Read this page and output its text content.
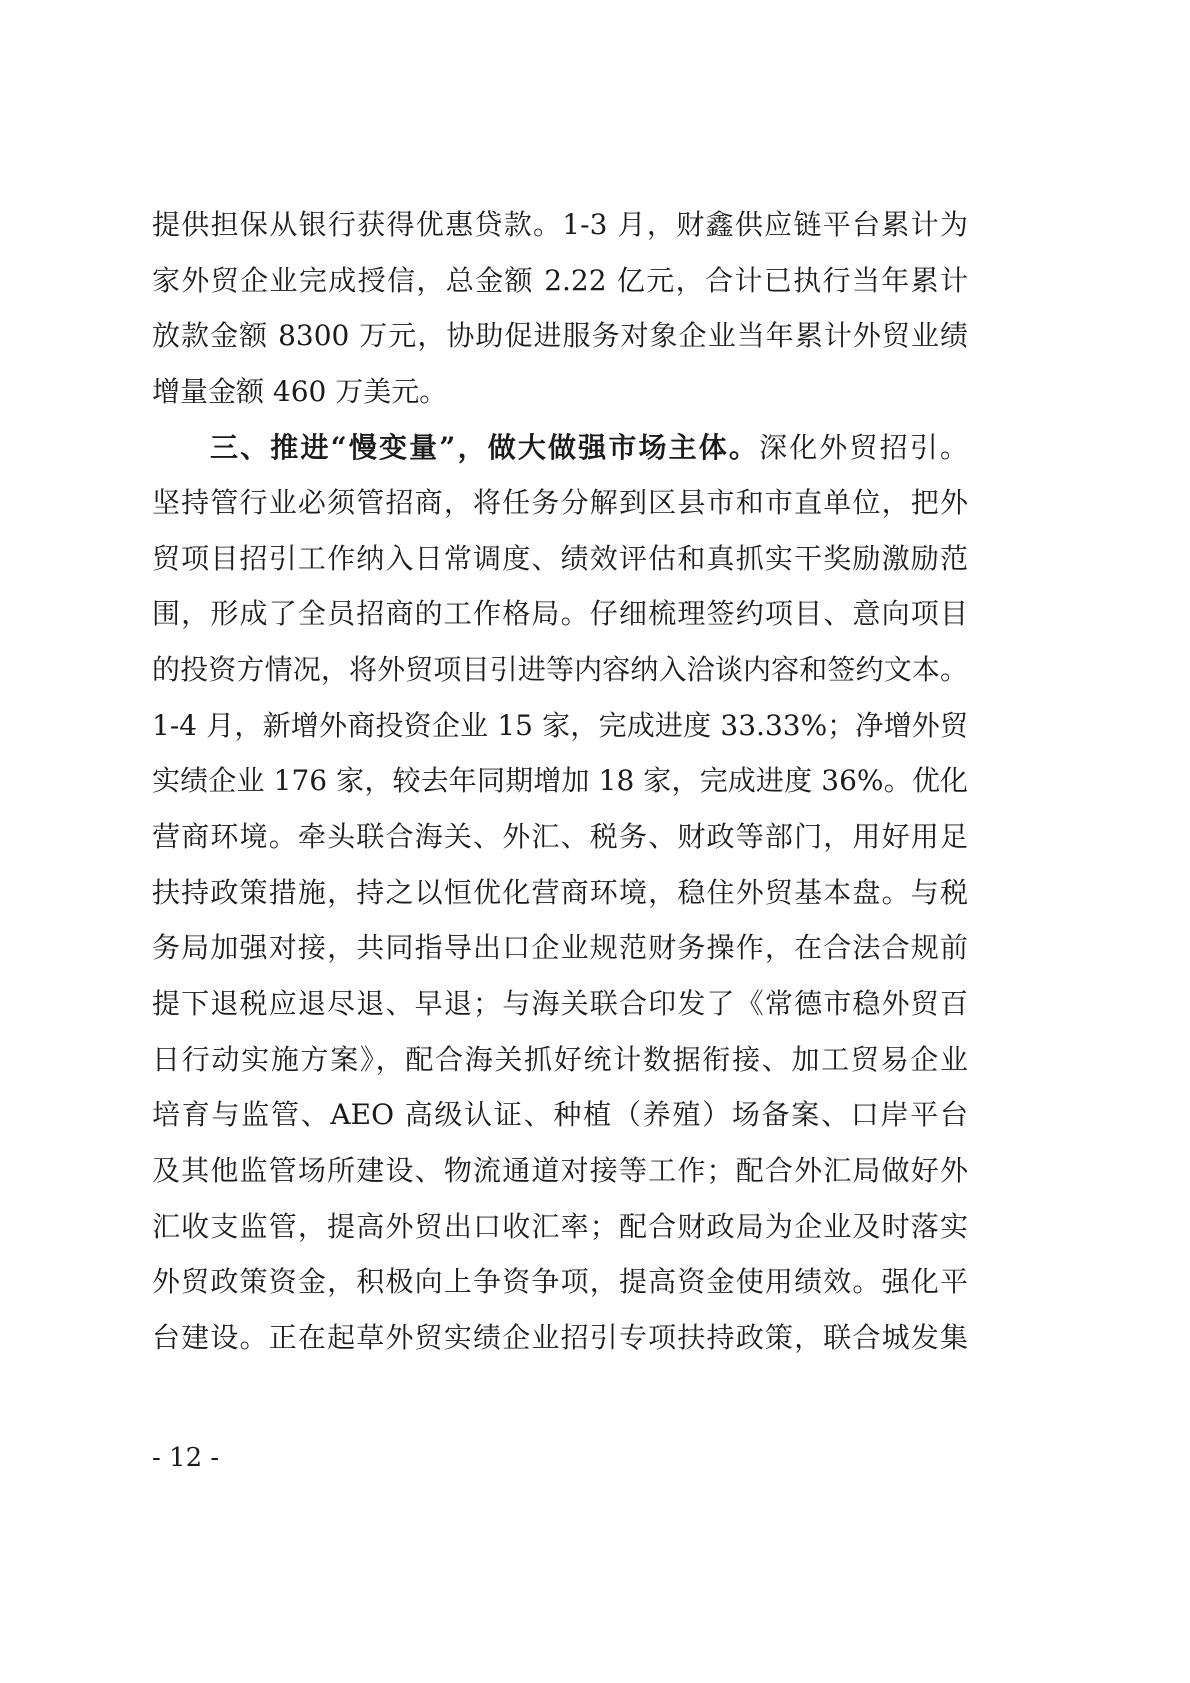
提供担保从银行获得优惠贷款。1-3 月，财鑫供应链平台累计为
家外贸企业完成授信，总金额 2.22 亿元，合计已执行当年累计
放款金额 8300 万元，协助促进服务对象企业当年累计外贸业绩
增量金额 460 万美元。
三、推进“慢变量”，做大做强市场主体。深化外贸招引。
坚持管行业必须管招商，将任务分解到区县市和市直单位，把外
贸项目招引工作纳入日常调度、绩效评估和真抓实干奖励激励范
围，形成了全员招商的工作格局。仔细梳理签约项目、意向项目
的投资方情况，将外贸项目引进等内容纳入洽谈内容和签约文本。
1-4 月，新增外商投资企业 15 家，完成进度 33.33%；净增外贸
实绩企业 176 家，较去年同期增加 18 家，完成进度 36%。优化
营商环境。牵头联合海关、外汇、税务、财政等部门，用好用足
扶持政策措施，持之以恒优化营商环境，稳住外贸基本盘。与税
务局加强对接，共同指导出口企业规范财务操作，在合法合规前
提下退税应退尽退、早退；与海关联合印发了《常德市稳外贸百
日行动实施方案》，配合海关抓好统计数据衔接、加工贸易企业
培育与监管、AEO 高级认证、种植（养殖）场备案、口岸平台
及其他监管场所建设、物流通道对接等工作；配合外汇局做好外
汇收支监管，提高外贸出口收汇率；配合财政局为企业及时落实
外贸政策资金，积极向上争资争项，提高资金使用绩效。强化平
台建设。正在起草外贸实绩企业招引专项扶持政策，联合城发集
- 12 -
